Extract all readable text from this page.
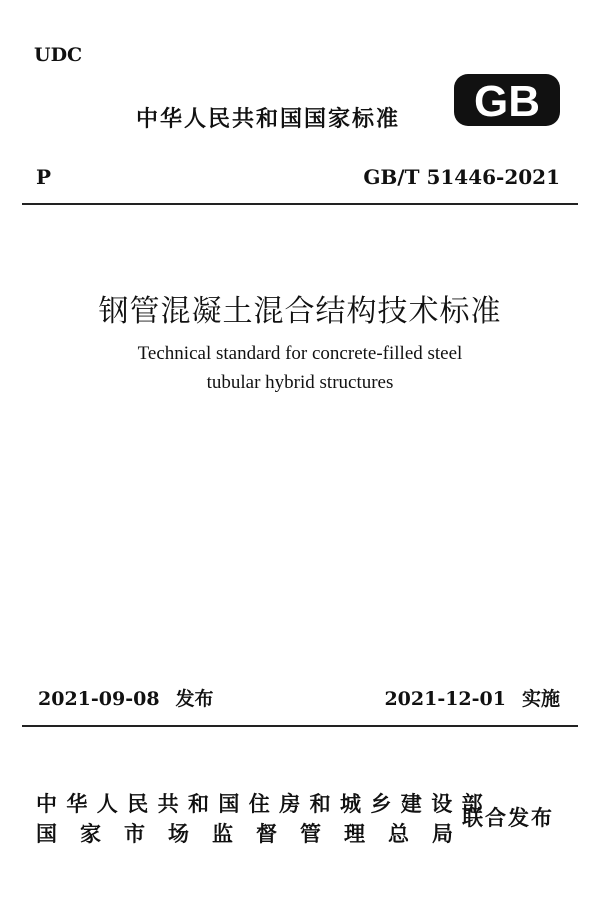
UDC
中华人民共和国国家标准 GB
P	GB/T 51446-2021
钢管混凝土混合结构技术标准
Technical standard for concrete-filled steel
tubular hybrid structures
2021-09-08 发布	2021-12-01 实施
中华人民共和国住房和城乡建设部
国家市场监督管理总局
联合发布
